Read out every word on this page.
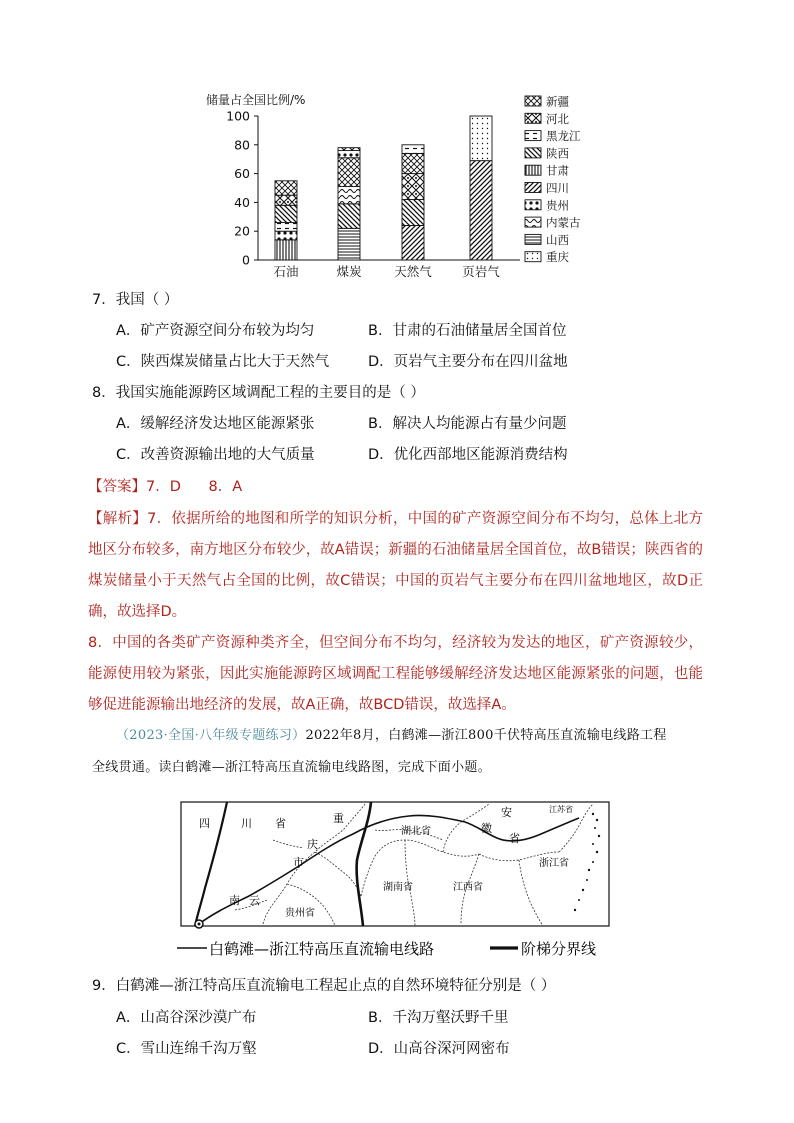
储量占全国比例/%
0
20
40
60
80
100
石油	煤炭	天然气 页岩气
新疆
河北
黑龙江
陕西
甘肃
四川
贵州
内蒙古
山西
重庆
7．我国（ ）
A．矿产资源空间分布较为均匀	B．甘肃的石油储量居全国首位
C．陕西煤炭储量占比大于天然气	D．页岩气主要分布在四川盆地
8．我国实施能源跨区域调配工程的主要目的是（ ）
A．缓解经济发达地区能源紧张	B．解决人均能源占有量少问题
C．改善资源输出地的大气质量	D．优化西部地区能源消费结构
【答案】7．D      8．A
【解析】7．依据所给的地图和所学的知识分析，中国的矿产资源空间分布不均匀，总体上北方地区分布较多，南方地区分布较少，故A错误；新疆的石油储量居全国首位，故B错误；陕西省的煤炭储量小于天然气占全国的比例，故C错误；中国的页岩气主要分布在四川盆地地区，故D正确，故选择D。
8．中国的各类矿产资源种类齐全，但空间分布不均匀，经济较为发达的地区，矿产资源较少，能源使用较为紧张，因此实施能源跨区域调配工程能够缓解经济发达地区能源紧张的问题，也能够促进能源输出地经济的发展，故A正确，故BCD错误，故选择A。
（2023·全国·八年级专题练习）2022年8月，白鹤滩—浙江800千伏特高压直流输电线路工程
全线贯通。读白鹤滩—浙江特高压直流输电线路图，完成下面小题。
四	川 省	重
庆
市
安
徽
省
江苏省
湖北省
湖南省	江西省
浙江省
贵州省
南 云
白鹤滩—浙江特高压直流输电线路	阶梯分界线
9．白鹤滩—浙江特高压直流输电工程起止点的自然环境特征分别是（ ）
A．山高谷深沙漠广布	B．千沟万壑沃野千里
C．雪山连绵千沟万壑	D．山高谷深河网密布
